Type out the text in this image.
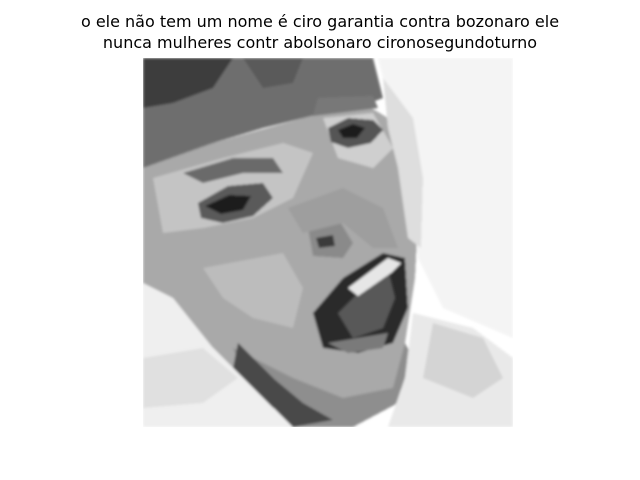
o ele não tem um nome é ciro garantia contra bozonaro ele
nunca mulheres contr abolsonaro cironosegundoturno
